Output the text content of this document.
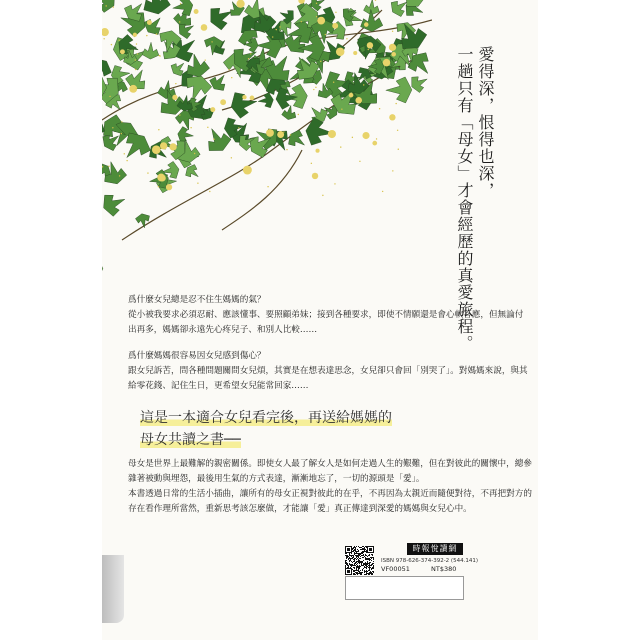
愛得深，恨得也深，
一趟只有「母女」才會經歷的真愛旅程。

爲什麼女兒總是忍不住生媽媽的氣？

從小被我要求必須忍耐、應該懂事、要照顧弟妹；接到各種要求，即使不情願還是會心軟答應，但無論付出再多，媽媽卻永遠先心疼兒子、和別人比較……

爲什麼媽媽很容易因女兒感到傷心？

跟女兒訴苦，問各種問題關問女兒煩，其實是在想表達思念，女兒卻只會回「別哭了」。對媽媽來說，與其給零花錢、記住生日，更希望女兒能常回家……

這是一本適合女兒看完後，再送給媽媽的
母女共讀之書──

母女是世界上最難解的親密關係。即使女人最了解女人是如何走過人生的艱難，但在對彼此的關懷中，總參雜著被動與埋怨，最後用生氣的方式表達，漸漸地忘了，一切的源頭是「愛」。

本書透過日常的生活小插曲，讓所有的母女正視對彼此的在乎，不再因為太親近而隨便對待，不再把對方的存在看作理所當然，重新思考該怎麼做，才能讓「愛」真正傳達到深愛的媽媽與女兒心中。

時報悅讀網
ISBN 978-626-374-392-2 (544.141)
VF00051	NT$380
